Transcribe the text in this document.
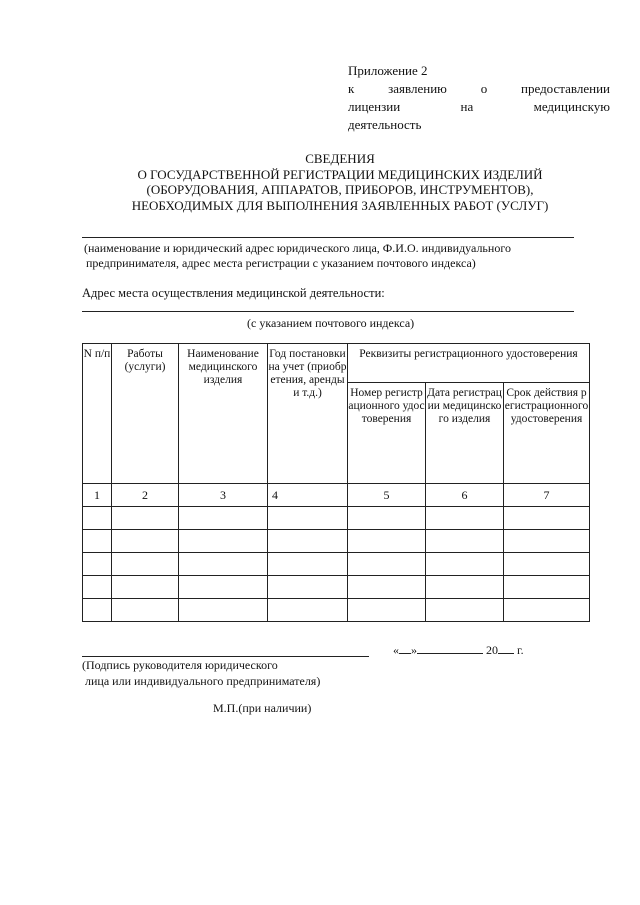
Приложение 2
к	заявлению	о	предоставлении
лицензии	на	медицинскую
деятельность
СВЕДЕНИЯ
О ГОСУДАРСТВЕННОЙ РЕГИСТРАЦИИ МЕДИЦИНСКИХ ИЗДЕЛИЙ
(ОБОРУДОВАНИЯ, АППАРАТОВ, ПРИБОРОВ, ИНСТРУМЕНТОВ),
НЕОБХОДИМЫХ ДЛЯ ВЫПОЛНЕНИЯ ЗАЯВЛЕННЫХ РАБОТ (УСЛУГ)
(наименование и юридический адрес юридического лица, Ф.И.О. индивидуального
предпринимателя, адрес места регистрации с указанием почтового индекса)
Адрес места осуществления медицинской деятельности:
(с указанием почтового индекса)
N п/п	Работы (услуги)	Наименование медицинского изделия	Год постановки на учет (приобретения, аренды и т.д.)	Реквизиты регистрационного удостоверения		
				Номер регистрационного удостоверения	Дата регистрации медицинского изделия	Срок действия регистрационного удостоверения
1	2	3	4	5	6	7

« »	20 г.
(Подпись руководителя юридического
лица или индивидуального предпринимателя)
М.П.(при наличии)
